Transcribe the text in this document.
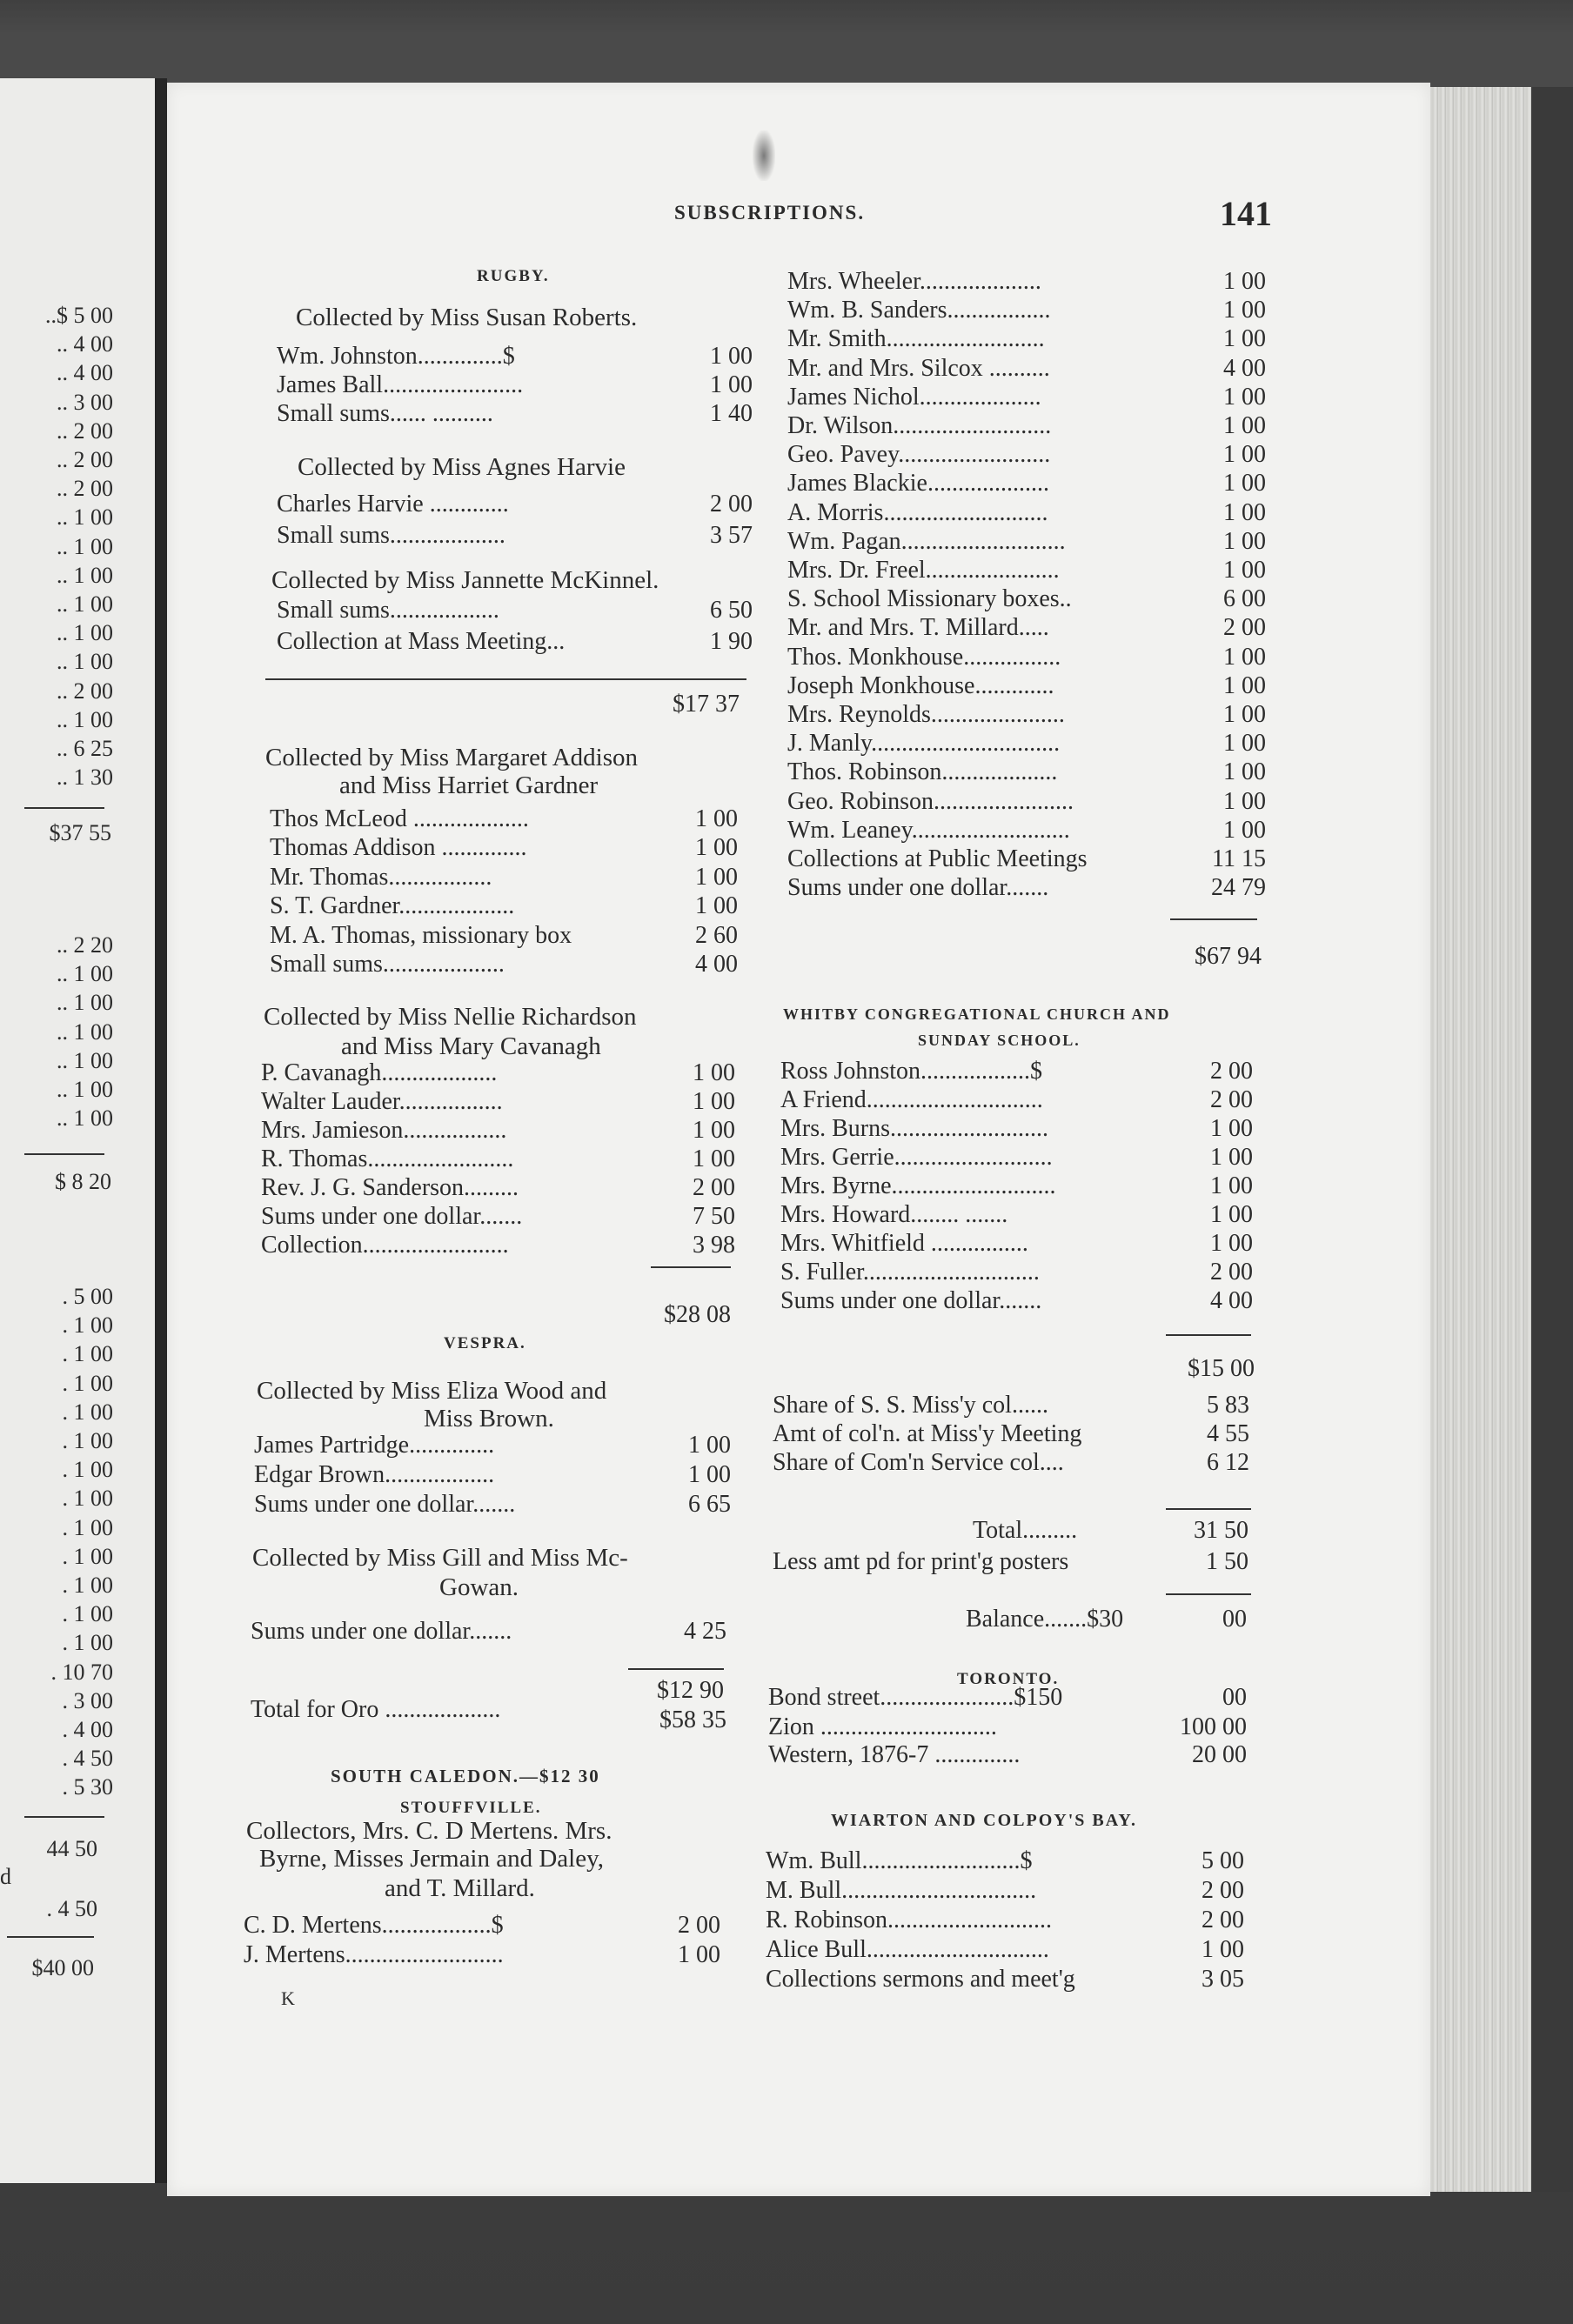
SUBSCRIPTIONS.	141
..$ 5 00
.. 4 00
.. 4 00
.. 3 00
.. 2 00
.. 2 00
.. 2 00
.. 1 00
.. 1 00
.. 1 00
.. 1 00
.. 1 00
.. 1 00
.. 2 00
.. 1 00
.. 6 25
.. 1 30
$37 55
.. 2 20
.. 1 00
.. 1 00
.. 1 00
.. 1 00
.. 1 00
.. 1 00
$ 8 20
. 5 00
. 1 00
. 1 00
. 1 00
. 1 00
. 1 00
. 1 00
. 1 00
. 1 00
. 1 00
. 1 00
. 1 00
. 1 00
. 10 70
. 3 00
. 4 00
. 4 50
. 5 30
44 50
d
. 4 50
$40 00
RUGBY.
Collected by Miss Susan Roberts.
Wm. Johnston..............$	1 00
James Ball.......................	1 00
Small sums...... ..........	1 40
Collected by Miss Agnes Harvie
Charles Harvie .............	2 00
Small sums...................	3 57
Collected by Miss Jannette McKinnel.
Small sums..................	6 50
Collection at Mass Meeting...	1 90
$17 37
Collected by Miss Margaret Addison
and Miss Harriet Gardner
Thos McLeod ...................	1 00
Thomas Addison ..............	1 00
Mr. Thomas.................	1 00
S. T. Gardner...................	1 00
M. A. Thomas, missionary box	2 60
Small sums....................	4 00
Collected by Miss Nellie Richardson
and Miss Mary Cavanagh
P. Cavanagh...................	1 00
Walter Lauder.................	1 00
Mrs. Jamieson.................	1 00
R. Thomas........................	1 00
Rev. J. G. Sanderson.........	2 00
Sums under one dollar.......	7 50
Collection........................	3 98
$28 08
VESPRA.
Collected by Miss Eliza Wood and
Miss Brown.
James Partridge..............	1 00
Edgar Brown..................	1 00
Sums under one dollar.......	6 65
Collected by Miss Gill and Miss Mc-
Gowan.
Sums under one dollar.......	4 25
$12 90
Total for Oro ...................	$58 35
SOUTH CALEDON.—$12 30
STOUFFVILLE.
Collectors, Mrs. C. D Mertens. Mrs.
Byrne, Misses Jermain and Daley,
and T. Millard.
C. D. Mertens..................$	2 00
J. Mertens..........................	1 00
Mrs. Wheeler....................	1 00
Wm. B. Sanders.................	1 00
Mr. Smith..........................	1 00
Mr. and Mrs. Silcox ..........	4 00
James Nichol....................	1 00
Dr. Wilson..........................	1 00
Geo. Pavey.........................	1 00
James Blackie....................	1 00
A. Morris...........................	1 00
Wm. Pagan...........................	1 00
Mrs. Dr. Freel......................	1 00
S. School Missionary boxes..	6 00
Mr. and Mrs. T. Millard.....	2 00
Thos. Monkhouse................	1 00
Joseph Monkhouse.............	1 00
Mrs. Reynolds......................	1 00
J. Manly...............................	1 00
Thos. Robinson...................	1 00
Geo. Robinson.......................	1 00
Wm. Leaney..........................	1 00
Collections at Public Meetings	11 15
Sums under one dollar.......	24 79
$67 94
WHITBY CONGREGATIONAL CHURCH AND
SUNDAY SCHOOL.
Ross Johnston..................$	2 00
A Friend.............................	2 00
Mrs. Burns..........................	1 00
Mrs. Gerrie..........................	1 00
Mrs. Byrne...........................	1 00
Mrs. Howard........ .......	1 00
Mrs. Whitfield ................	1 00
S. Fuller.............................	2 00
Sums under one dollar.......	4 00
$15 00
Share of S. S. Miss'y col......	5 83
Amt of col'n. at Miss'y Meeting	4 55
Share of Com'n Service col....	6 12
Total.........	31 50
Less amt pd for print'g posters	1 50
Balance.......$30	00
TORONTO.
Bond street......................$150	00
Zion .............................	100 00
Western, 1876-7 ..............	20 00
WIARTON AND COLPOY'S BAY.
Wm. Bull..........................$	5 00
M. Bull................................	2 00
R. Robinson...........................	2 00
Alice Bull..............................	1 00
Collections sermons and meet'g	3 05
K
